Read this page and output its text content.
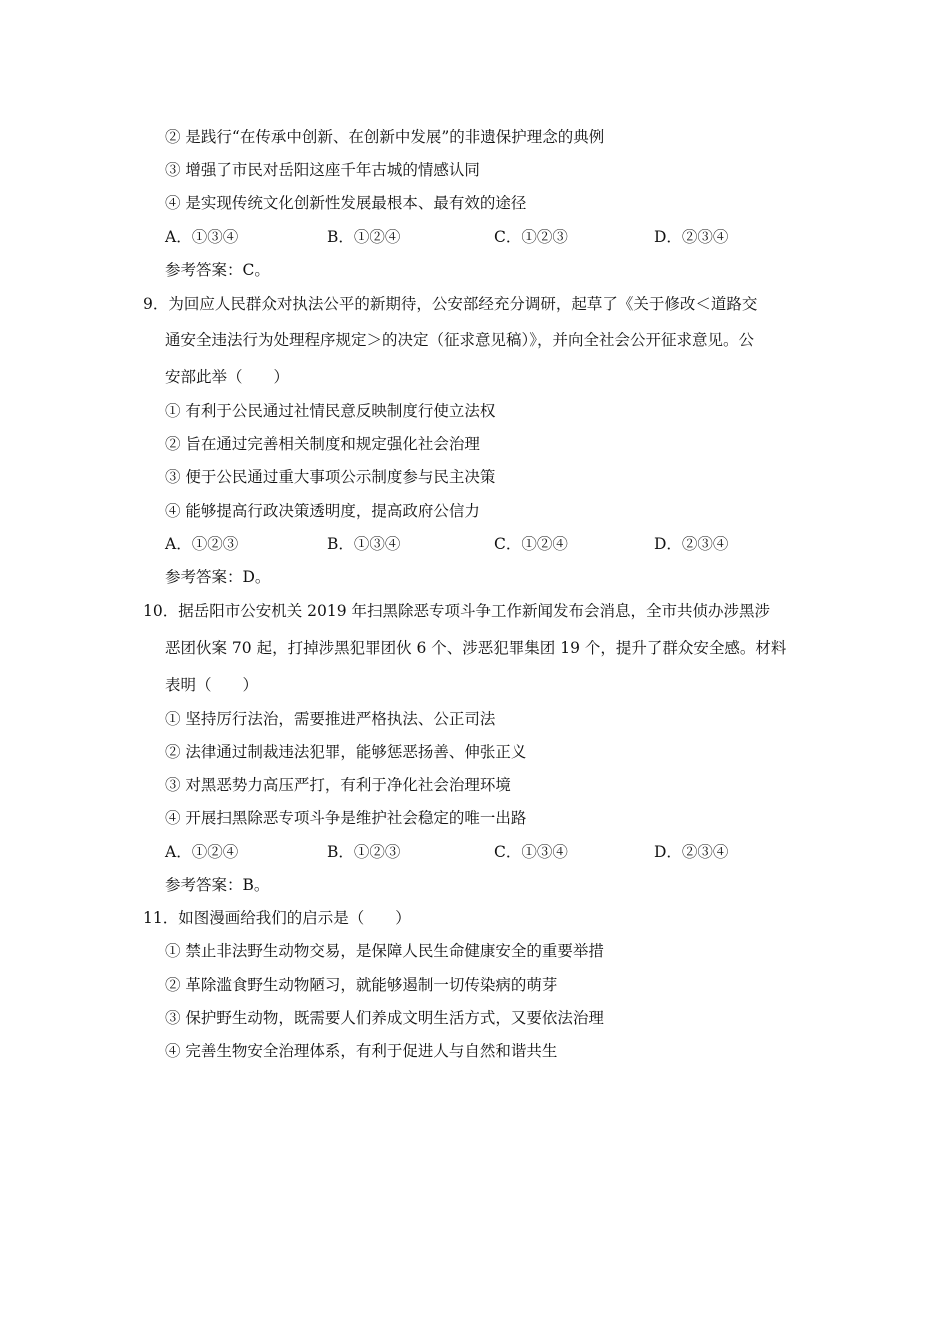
② 是践行“在传承中创新、在创新中发展”的非遗保护理念的典例
③ 增强了市民对岳阳这座千年古城的情感认同
④ 是实现传统文化创新性发展最根本、最有效的途径
A．①③④	B．①②④	C．①②③	D．②③④
参考答案：C。
9．为回应人民群众对执法公平的新期待，公安部经充分调研，起草了《关于修改＜道路交
通安全违法行为处理程序规定＞的决定（征求意见稿）》，并向全社会公开征求意见。公
安部此举（　　）
① 有利于公民通过社情民意反映制度行使立法权
② 旨在通过完善相关制度和规定强化社会治理
③ 便于公民通过重大事项公示制度参与民主决策
④ 能够提高行政决策透明度，提高政府公信力
A．①②③	B．①③④	C．①②④	D．②③④
参考答案：D。
10．据岳阳市公安机关 2019 年扫黑除恶专项斗争工作新闻发布会消息，全市共侦办涉黑涉
恶团伙案 70 起，打掉涉黑犯罪团伙 6 个、涉恶犯罪集团 19 个，提升了群众安全感。材料
表明（　　）
① 坚持厉行法治，需要推进严格执法、公正司法
② 法律通过制裁违法犯罪，能够惩恶扬善、伸张正义
③ 对黑恶势力高压严打，有利于净化社会治理环境
④ 开展扫黑除恶专项斗争是维护社会稳定的唯一出路
A．①②④	B．①②③	C．①③④	D．②③④
参考答案：B。
11．如图漫画给我们的启示是（　　）
① 禁止非法野生动物交易，是保障人民生命健康安全的重要举措
② 革除滥食野生动物陋习，就能够遏制一切传染病的萌芽
③ 保护野生动物，既需要人们养成文明生活方式，又要依法治理
④ 完善生物安全治理体系，有利于促进人与自然和谐共生
